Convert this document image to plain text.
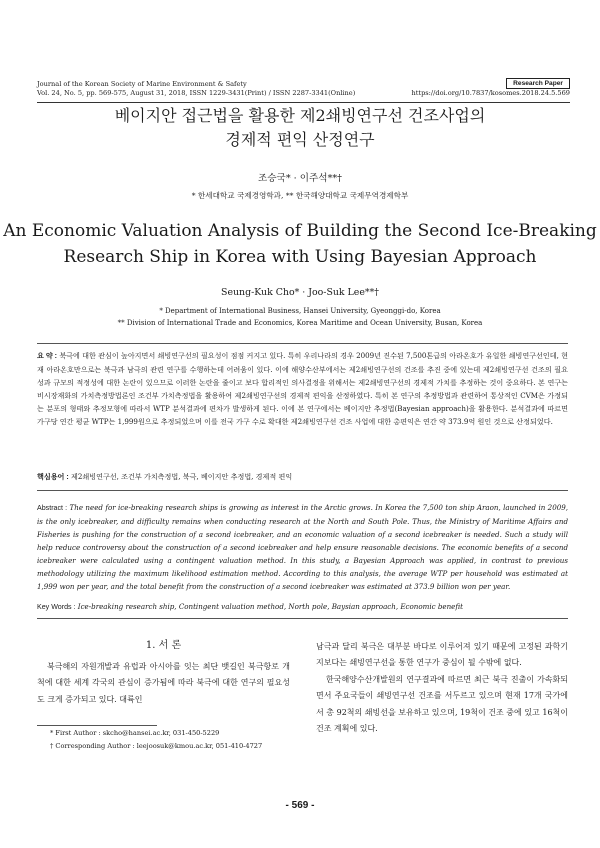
Journal of the Korean Society of Marine Environment & Safety
Vol. 24, No. 5, pp. 569-575, August 31, 2018, ISSN 1229-3431(Print) / ISSN 2287-3341(Online)
Research Paper
https://doi.org/10.7837/kosomes.2018.24.5.569
베이지안 접근법을 활용한 제2쇄빙연구선 건조사업의
경제적 편익 산정연구
조승국* · 이주석**†
* 한세대학교 국제경영학과, ** 한국해양대학교 국제무역경제학부
An Economic Valuation Analysis of Building the Second Ice-Breaking
Research Ship in Korea with Using Bayesian Approach
Seung-Kuk Cho* · Joo-Suk Lee**†
* Department of International Business, Hansei University, Gyeonggi-do, Korea
** Division of International Trade and Economics, Korea Maritime and Ocean University, Busan, Korea
요 약 : 북극에 대한 관심이 높아지면서 쇄빙연구선의 필요성이 점점 커지고 있다. 특히 우리나라의 경우 2009년 진수된 7,500톤급의 아라온호가 유일한 쇄빙연구선인데, 현재 아라온호만으로는 북극과 남극의 관련 연구를 수행하는데 어려움이 있다. 이에 해양수산부에서는 제2쇄빙연구선의 건조를 추진 중에 있는데 제2쇄빙연구선 건조의 필요성과 규모의 적정성에 대한 논란이 있으므로 이러한 논란을 줄이고 보다 합리적인 의사결정을 위해서는 제2쇄빙연구선의 경제적 가치를 추정하는 것이 중요하다. 본 연구는 비시장재화의 가치측정방법론인 조건부 가치측정법을 활용하여 제2쇄빙연구선의 경제적 편익을 산정하였다. 특히 본 연구의 추정방법과 관련하여 통상적인 CVM은 가정되는 분포의 형태와 추정모형에 따라서 WTP 분석결과에 편차가 발생하게 된다. 이에 본 연구에서는 베이지안 추정법(Bayesian approach)을 활용한다. 분석결과에 따르면 가구당 연간 평균 WTP는 1,999원으로 추정되었으며 이를 전국 가구 수로 확대한 제2쇄빙연구선 건조 사업에 대한 총편익은 연간 약 373.9억 원인 것으로 산정되었다.
핵심용어 : 제2쇄빙연구선, 조건부 가치측정법, 북극, 베이지안 추정법, 경제적 편익
Abstract : The need for ice-breaking research ships is growing as interest in the Arctic grows. In Korea the 7,500 ton ship Araon, launched in 2009, is the only icebreaker, and difficulty remains when conducting research at the North and South Pole. Thus, the Ministry of Maritime Affairs and Fisheries is pushing for the construction of a second icebreaker, and an economic valuation of a second icebreaker is needed. Such a study will help reduce controversy about the construction of a second icebreaker and help ensure reasonable decisions. The economic benefits of a second icebreaker were calculated using a contingent valuation method. In this study, a Bayesian Approach was applied, in contrast to previous methodology utilizing the maximum likelihood estimation method. According to this analysis, the average WTP per household was estimated at 1,999 won per year, and the total benefit from the construction of a second icebreaker was estimated at 373.9 billion won per year.
Key Words : Ice-breaking research ship, Contingent valuation method, North pole, Baysian approach, Economic benefit
1. 서 론

북극해의 자원개발과 유럽과 아시아를 잇는 최단 뱃길인 북극항로 개척에 대한 세계 각국의 관심이 증가됨에 따라 북극에 대한 연구의 필요성도 크게 증가되고 있다. 대륙인

* First Author : skcho@hansei.ac.kr, 031-450-5229
† Corresponding Author : leejoosuk@kmou.ac.kr, 051-410-4727

남극과 달리 북극은 대부분 바다로 이루어져 있기 때문에 고정된 과학기지보다는 쇄빙연구선을 통한 연구가 중심이 될 수밖에 없다.

한국해양수산개발원의 연구결과에 따르면 최근 북극 진출이 가속화되면서 주요국들이 쇄빙연구선 건조를 서두르고 있으며 현재 17개 국가에서 총 92척의 쇄빙선을 보유하고 있으며, 19척이 건조 중에 있고 16척이 건조 계획에 있다.

- 569 -
